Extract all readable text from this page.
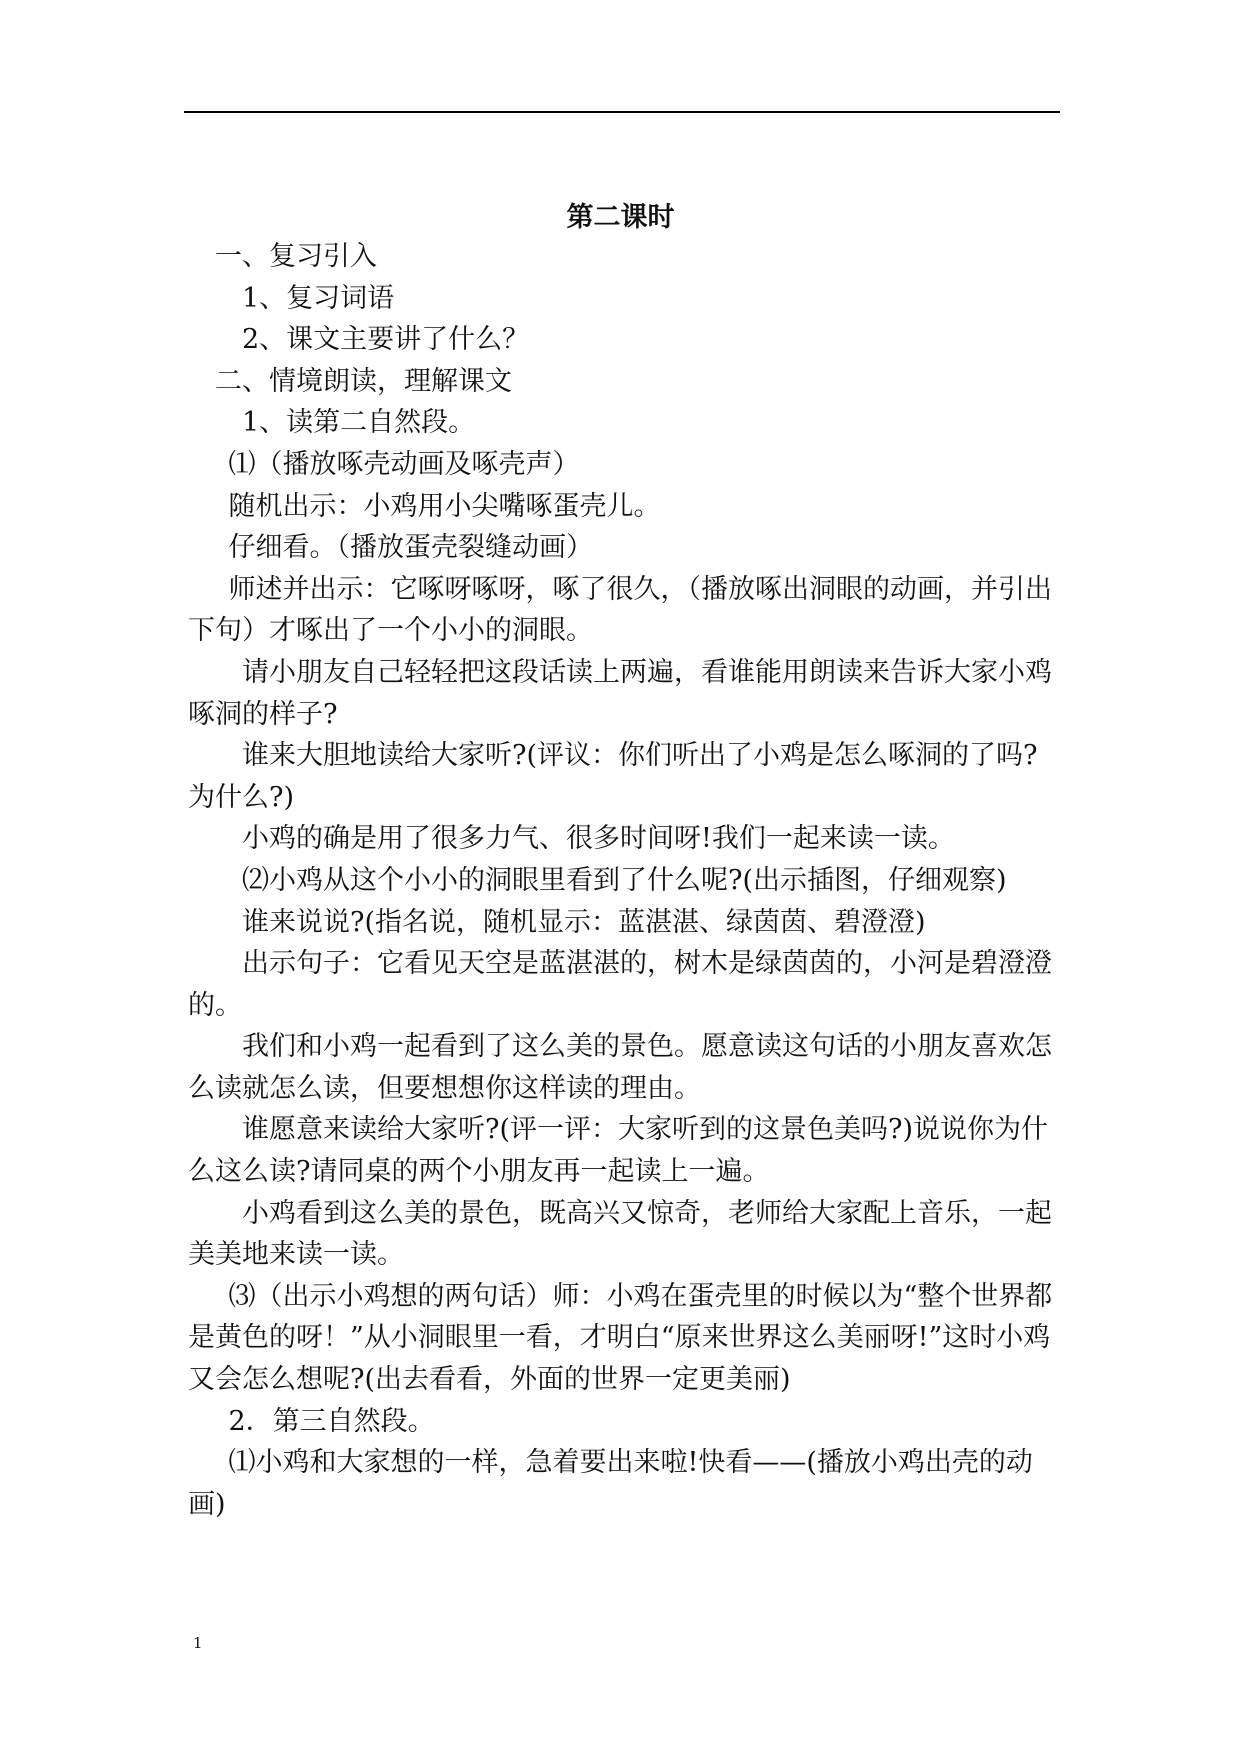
第二课时

一、复习引入

1、复习词语

2、课文主要讲了什么？

二、情境朗读，理解课文

1、读第二自然段。

⑴（播放啄壳动画及啄壳声）

随机出示：小鸡用小尖嘴啄蛋壳儿。

仔细看。（播放蛋壳裂缝动画）

师述并出示：它啄呀啄呀，啄了很久，（播放啄出洞眼的动画，并引出下句）才啄出了一个小小的洞眼。

请小朋友自己轻轻把这段话读上两遍，看谁能用朗读来告诉大家小鸡啄洞的样子?

谁来大胆地读给大家听?(评议：你们听出了小鸡是怎么啄洞的了吗?为什么?)

小鸡的确是用了很多力气、很多时间呀!我们一起来读一读。

⑵小鸡从这个小小的洞眼里看到了什么呢?(出示插图，仔细观察)

谁来说说?(指名说，随机显示：蓝湛湛、绿茵茵、碧澄澄)

出示句子：它看见天空是蓝湛湛的，树木是绿茵茵的，小河是碧澄澄的。

我们和小鸡一起看到了这么美的景色。愿意读这句话的小朋友喜欢怎么读就怎么读，但要想想你这样读的理由。

谁愿意来读给大家听?(评一评：大家听到的这景色美吗?)说说你为什么这么读?请同桌的两个小朋友再一起读上一遍。

小鸡看到这么美的景色，既高兴又惊奇，老师给大家配上音乐，一起美美地来读一读。

⑶（出示小鸡想的两句话）师：小鸡在蛋壳里的时候以为“整个世界都是黄色的呀！”从小洞眼里一看，才明白“原来世界这么美丽呀!”这时小鸡又会怎么想呢?(出去看看，外面的世界一定更美丽)

2．第三自然段。

⑴小鸡和大家想的一样，急着要出来啦!快看——(播放小鸡出壳的动画)

1
